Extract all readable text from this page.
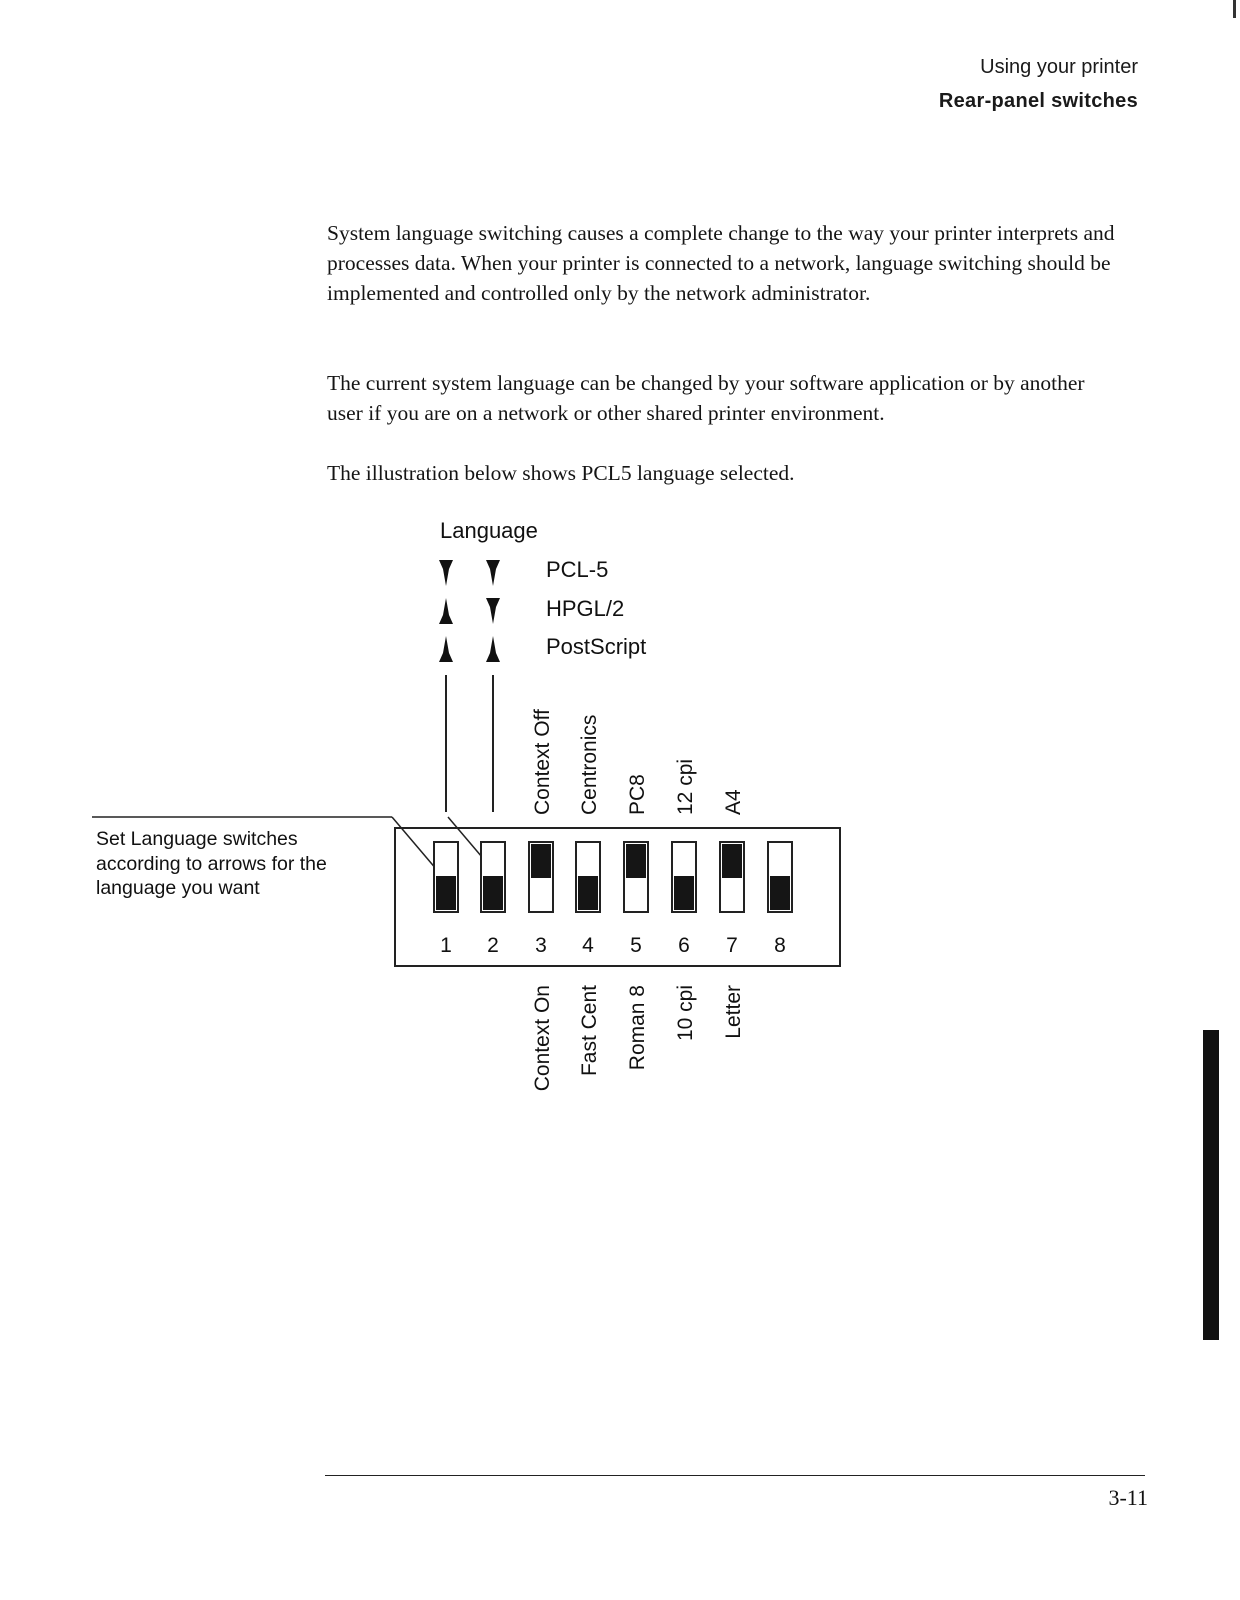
Using your printer
Rear-panel switches

System language switching causes a complete change to the way your printer interprets and processes data. When your printer is connected to a network, language switching should be implemented and controlled only by the network administrator.

The current system language can be changed by your software application or by another user if you are on a network or other shared printer environment.

The illustration below shows PCL5 language selected.

Language
PCL-5
HPGL/2
PostScript
Set Language switches according to arrows for the language you want
1 2 3 4 5 6 7 8
Context Off Centronics PC8 12 cpi A4
Context On Fast Cent Roman 8 10 cpi Letter
3-11
